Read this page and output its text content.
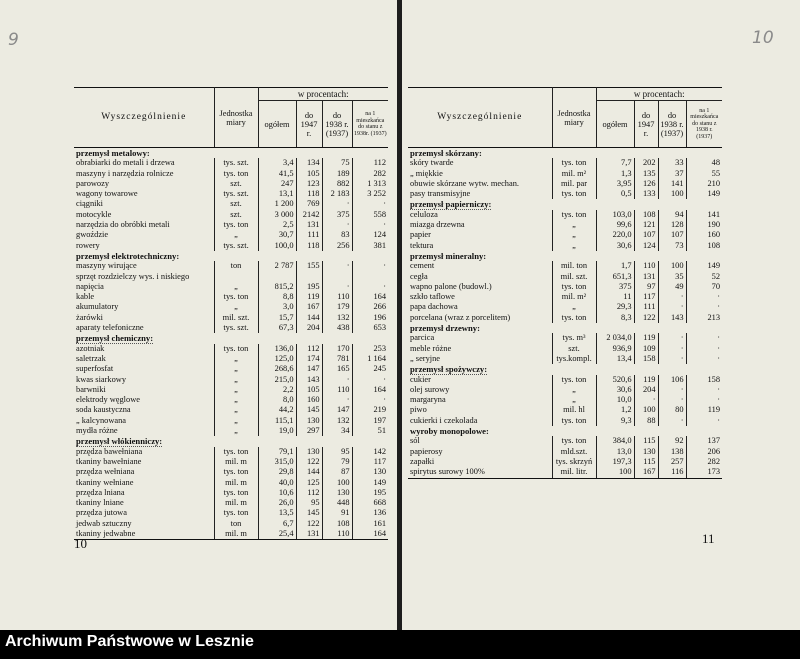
9
Wyszczególnienie	Jednostka miary	w procentach:			
		ogółem	do 1947 r.	do 1938 r. (1937)	na 1 mieszkańca do stanu z 1938r. (1937)
przemysł metalowy:					
obrabiarki do metali i drzewa	tys. szt.	3,4	134	75	112
maszyny i narzędzia rolnicze	tys. ton	41,5	105	189	282
parowozy	szt.	247	123	882	1 313
wagony towarowe	tys. szt.	13,1	118	2 183	3 252
ciągniki	szt.	1 200	769	·	·
motocykle	szt.	3 000	2142	375	558
narzędzia do obróbki metali	tys. ton	2,5	131	·	·
gwoździe	„	30,7	111	83	124
rowery	tys. szt.	100,0	118	256	381
przemysł elektrotechniczny:					
maszyny wirujące	ton	2 787	155	·	·
sprzęt rozdzielczy wys. i niskiego					
napięcia	„	815,2	195	·	·
kable	tys. ton	8,8	119	110	164
akumulatory	„	3,0	167	179	266
żarówki	mil. szt.	15,7	144	132	196
aparaty telefoniczne	tys. szt.	67,3	204	438	653
przemysł chemiczny:					
azotniak	tys. ton	136,0	112	170	253
saletrzak	„	125,0	174	781	1 164
superfosfat	„	268,6	147	165	245
kwas siarkowy	„	215,0	143	·	·
barwniki	„	2,2	105	110	164
elektrody węglowe	„	8,0	160	·	·
soda kaustyczna	„	44,2	145	147	219
„ kalcynowana	„	115,1	130	132	197
mydła różne	„	19,0	297	34	51
przemysł włókienniczy:					
przędza bawełniana	tys. ton	79,1	130	95	142
tkaniny bawełniane	mil. m	315,0	122	79	117
przędza wełniana	tys. ton	29,8	144	87	130
tkaniny wełniane	mil. m	40,0	125	100	149
przędza lniana	tys. ton	10,6	112	130	195
tkaniny lniane	mil. m	26,0	95	448	668
przędza jutowa	tys. ton	13,5	145	91	136
jedwab sztuczny	ton	6,7	122	108	161
tkaniny jedwabne	mil. m	25,4	131	110	164
10
10
Wyszczególnienie	Jednostka miary	w procentach:			
		ogółem	do 1947 r.	do 1938 r. (1937)	na 1 mieszkańca do stanu z 1938 r. (1937)
przemysł skórzany:					
skóry twarde	tys. ton	7,7	202	33	48
„ miękkie	mil. m²	1,3	135	37	55
obuwie skórzane wytw. mechan.	mil. par	3,95	126	141	210
pasy transmisyjne	tys. ton	0,5	133	100	149
przemysł papierniczy:					
celuloza	tys. ton	103,0	108	94	141
miazga drzewna	„	99,6	121	128	190
papier	„	220,0	107	107	160
tektura	„	30,6	124	73	108
przemysł mineralny:					
cement	mil. ton	1,7	110	100	149
cegła	mil. szt.	651,3	131	35	52
wapno palone (budowl.)	tys. ton	375	97	49	70
szkło taflowe	mil. m²	11	117	·	·
papa dachowa	„	29,3	111	·	·
porcelana (wraz z porcelitem)	tys. ton	8,3	122	143	213
przemysł drzewny:					
parcica	tys. m³	2 034,0	119	·	·
meble różne	szt.	936,9	109	·	·
„ seryjne	tys.kompl.	13,4	158	·	·
przemysł spożywczy:					
cukier	tys. ton	520,6	119	106	158
olej surowy	„	30,6	204	·	·
margaryna	„	10,0	·	·	·
piwo	mil. hl	1,2	100	80	119
cukierki i czekolada	tys. ton	9,3	88	·	·
wyroby monopolowe:					
sól	tys. ton	384,0	115	92	137
papierosy	mld.szt.	13,0	130	138	206
zapałki	tys. skrzyń	197,3	115	257	282
spirytus surowy 100%	mil. litr.	100	167	116	173
11
Archiwum Państwowe w Lesznie
